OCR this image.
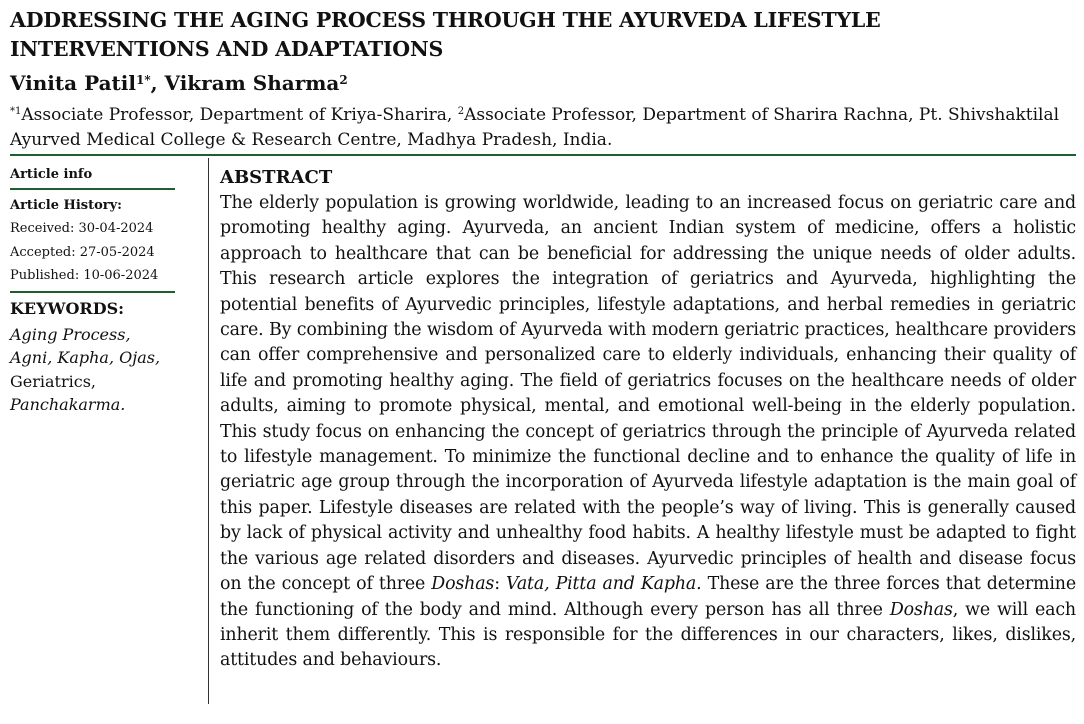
ADDRESSING THE AGING PROCESS THROUGH THE AYURVEDA LIFESTYLE INTERVENTIONS AND ADAPTATIONS
Vinita Patil$^{1*}$, Vikram Sharma$^2$
$^{*1}$Associate Professor, Department of Kriya-Sharira, $^2$Associate Professor, Department of Sharira Rachna, Pt. Shivshaktilal Ayurved Medical College & Research Centre, Madhya Pradesh, India.
Article info
Article History:
Received: 30-04-2024
Accepted: 27-05-2024
Published: 10-06-2024
KEYWORDS:
Aging Process, Agni, Kapha, Ojas,
Geriatrics,
Panchakarma.
ABSTRACT

The elderly population is growing worldwide, leading to an increased focus on geriatric care and promoting healthy aging. Ayurveda, an ancient Indian system of medicine, offers a holistic approach to healthcare that can be beneficial for addressing the unique needs of older adults. This research article explores the integration of geriatrics and Ayurveda, highlighting the potential benefits of Ayurvedic principles, lifestyle adaptations, and herbal remedies in geriatric care. By combining the wisdom of Ayurveda with modern geriatric practices, healthcare providers can offer comprehensive and personalized care to elderly individuals, enhancing their quality of life and promoting healthy aging. The field of geriatrics focuses on the healthcare needs of older adults, aiming to promote physical, mental, and emotional well-being in the elderly population. This study focus on enhancing the concept of geriatrics through the principle of Ayurveda related to lifestyle management. To minimize the functional decline and to enhance the quality of life in geriatric age group through the incorporation of Ayurveda lifestyle adaptation is the main goal of this paper. Lifestyle diseases are related with the people’s way of living. This is generally caused by lack of physical activity and unhealthy food habits. A healthy lifestyle must be adapted to fight the various age related disorders and diseases. Ayurvedic principles of health and disease focus on the concept of three Doshas: Vata, Pitta and Kapha. These are the three forces that determine the functioning of the body and mind. Although every person has all three Doshas, we will each inherit them differently. This is responsible for the differences in our characters, likes, dislikes, attitudes and behaviours.
